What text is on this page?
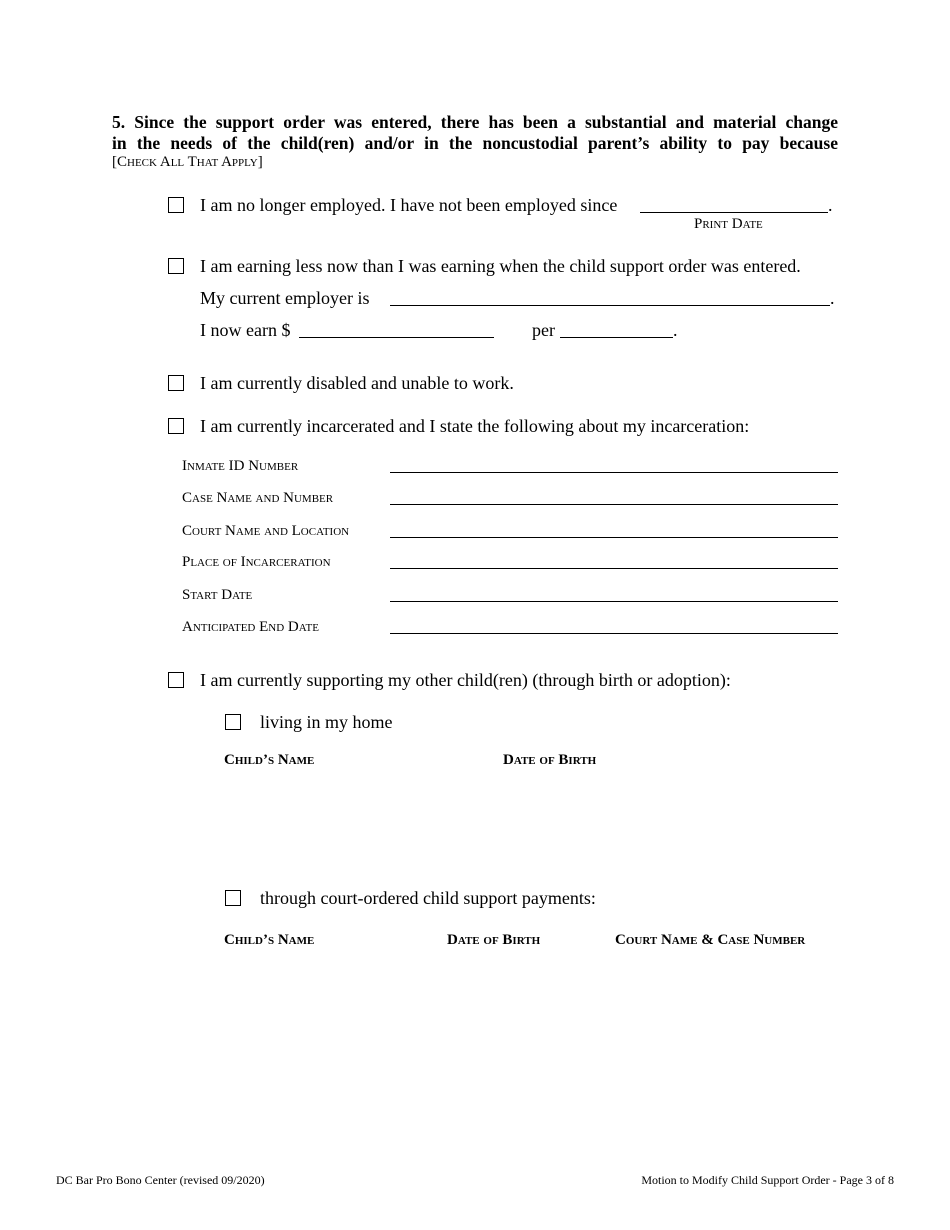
5. Since the support order was entered, there has been a substantial and material change
in the needs of the child(ren) and/or in the noncustodial parent’s ability to pay because
[Check All That Apply]
I am no longer employed. I have not been employed since	.
Print Date
I am earning less now than I was earning when the child support order was entered.
My current employer is	.
I now earn $	per	.
I am currently disabled and unable to work.
I am currently incarcerated and I state the following about my incarceration:
Inmate ID Number
Case Name and Number
Court Name and Location
Place of Incarceration
Start Date
Anticipated End Date
I am currently supporting my other child(ren) (through birth or adoption):
living in my home
Child’s Name	Date of Birth
through court-ordered child support payments:
Child’s Name	Date of Birth	Court Name & Case Number
DC Bar Pro Bono Center (revised 09/2020)	Motion to Modify Child Support Order - Page 3 of 8
